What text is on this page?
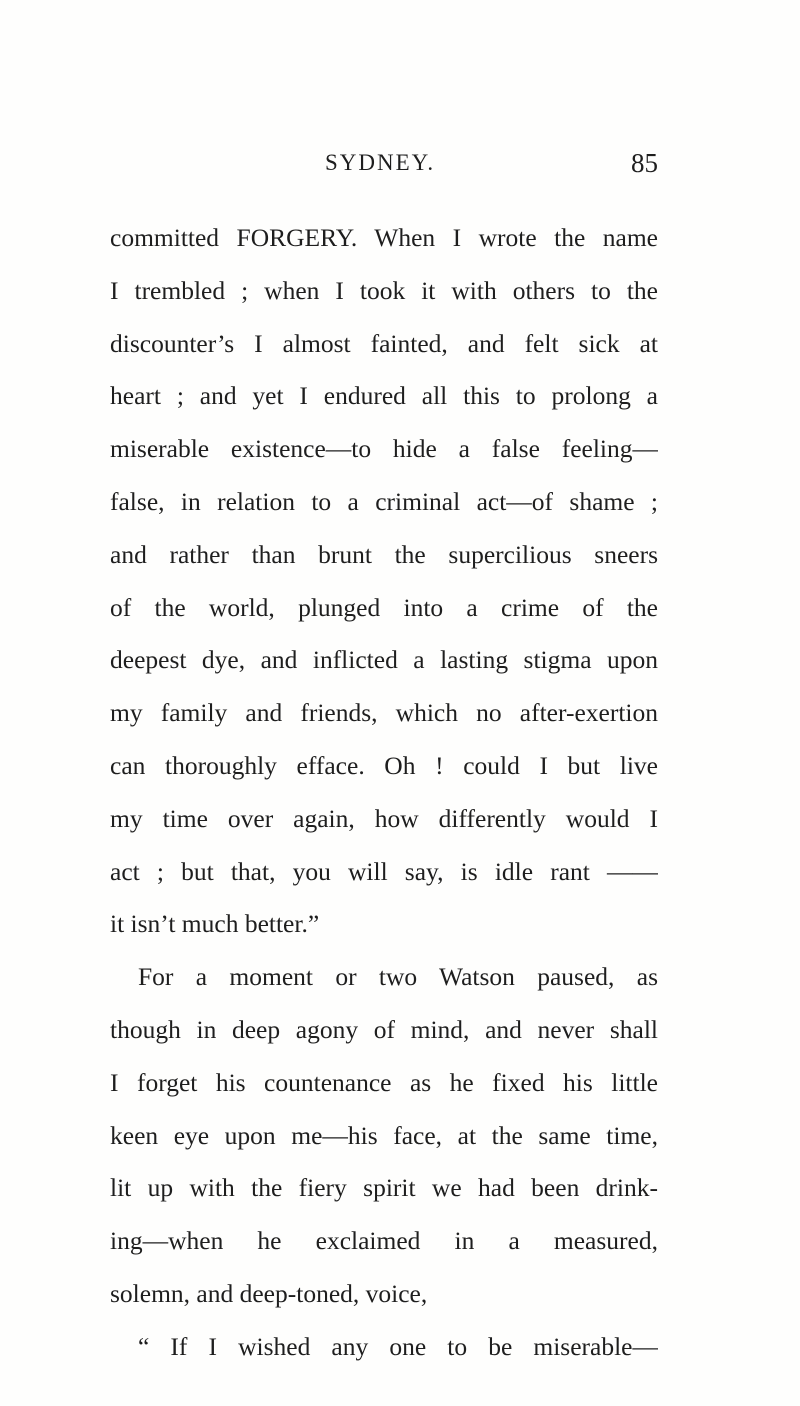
SYDNEY.	85
committed FORGERY. When I wrote the name
I trembled ; when I took it with others to the
discounter’s I almost fainted, and felt sick at
heart ; and yet I endured all this to prolong a
miserable existence—to hide a false feeling—
false, in relation to a criminal act—of shame ;
and rather than brunt the supercilious sneers
of the world, plunged into a crime of the
deepest dye, and inflicted a lasting stigma upon
my family and friends, which no after-exertion
can thoroughly efface. Oh ! could I but live
my time over again, how differently would I
act ; but that, you will say, is idle rant ——
it isn’t much better.”
For a moment or two Watson paused, as
though in deep agony of mind, and never shall
I forget his countenance as he fixed his little
keen eye upon me—his face, at the same time,
lit up with the fiery spirit we had been drink-
ing—when he exclaimed in a measured,
solemn, and deep-toned, voice,
“ If I wished any one to be miserable—
